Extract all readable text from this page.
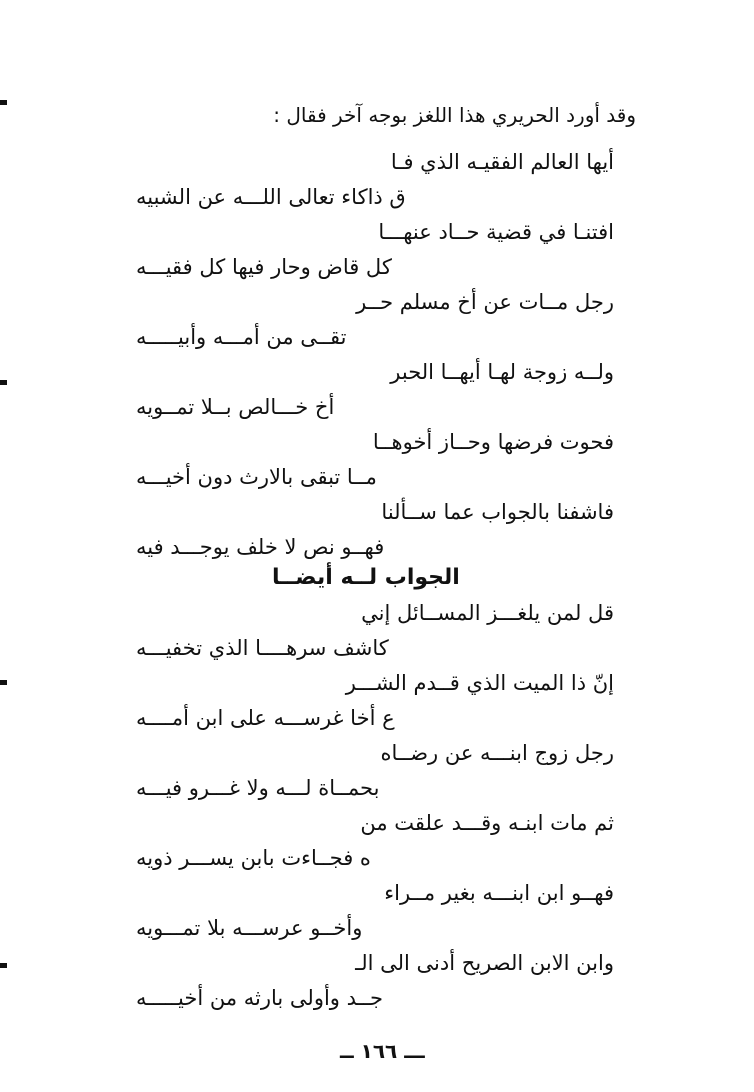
وقد أورد الحريري هذا اللغز بوجه آخر فقال :
أيها العالم الفقيـه الذي فـا
ق ذاكاء تعالى اللـــه عن الشبيه
افتنـا في قضية حــاد عنهـــا
كل قاض وحار فيها كل فقيـــه
رجل مــات عن أخ مسلم حــر
تقــى من أمـــه وأبيـــــه
ولــه زوجة لهـا أيهــا الحبر
أخ خـــالص بــلا تمــويه
فحوت فرضها وحــاز أخوهــا
مــا تبقى بالارث دون أخيـــه
فاشفنا بالجواب عما ســألنا
فهــو نص لا خلف يوجـــد فيه
الجواب لــه أيضــا
قل لمن يلغـــز المســائل إني
كاشف سرهــــا الذي تخفيـــه
إنّ ذا الميت الذي قــدم الشـــر
ع أخا غرســـه على ابن أمــــه
رجل زوج ابنـــه عن رضــاه
بحمــاة لـــه ولا غـــرو فيـــه
ثم مات ابنـه وقـــد علقت من
ه فجــاءت بابن يســـر ذويه
فهــو ابن ابنـــه بغير مــراء
وأخــو عرســـه بلا تمـــويه
وابن الابن الصريح أدنى الى الـ
جــد وأولى بارثه من أخيـــــه
ـــ ١٦٦ ــ
